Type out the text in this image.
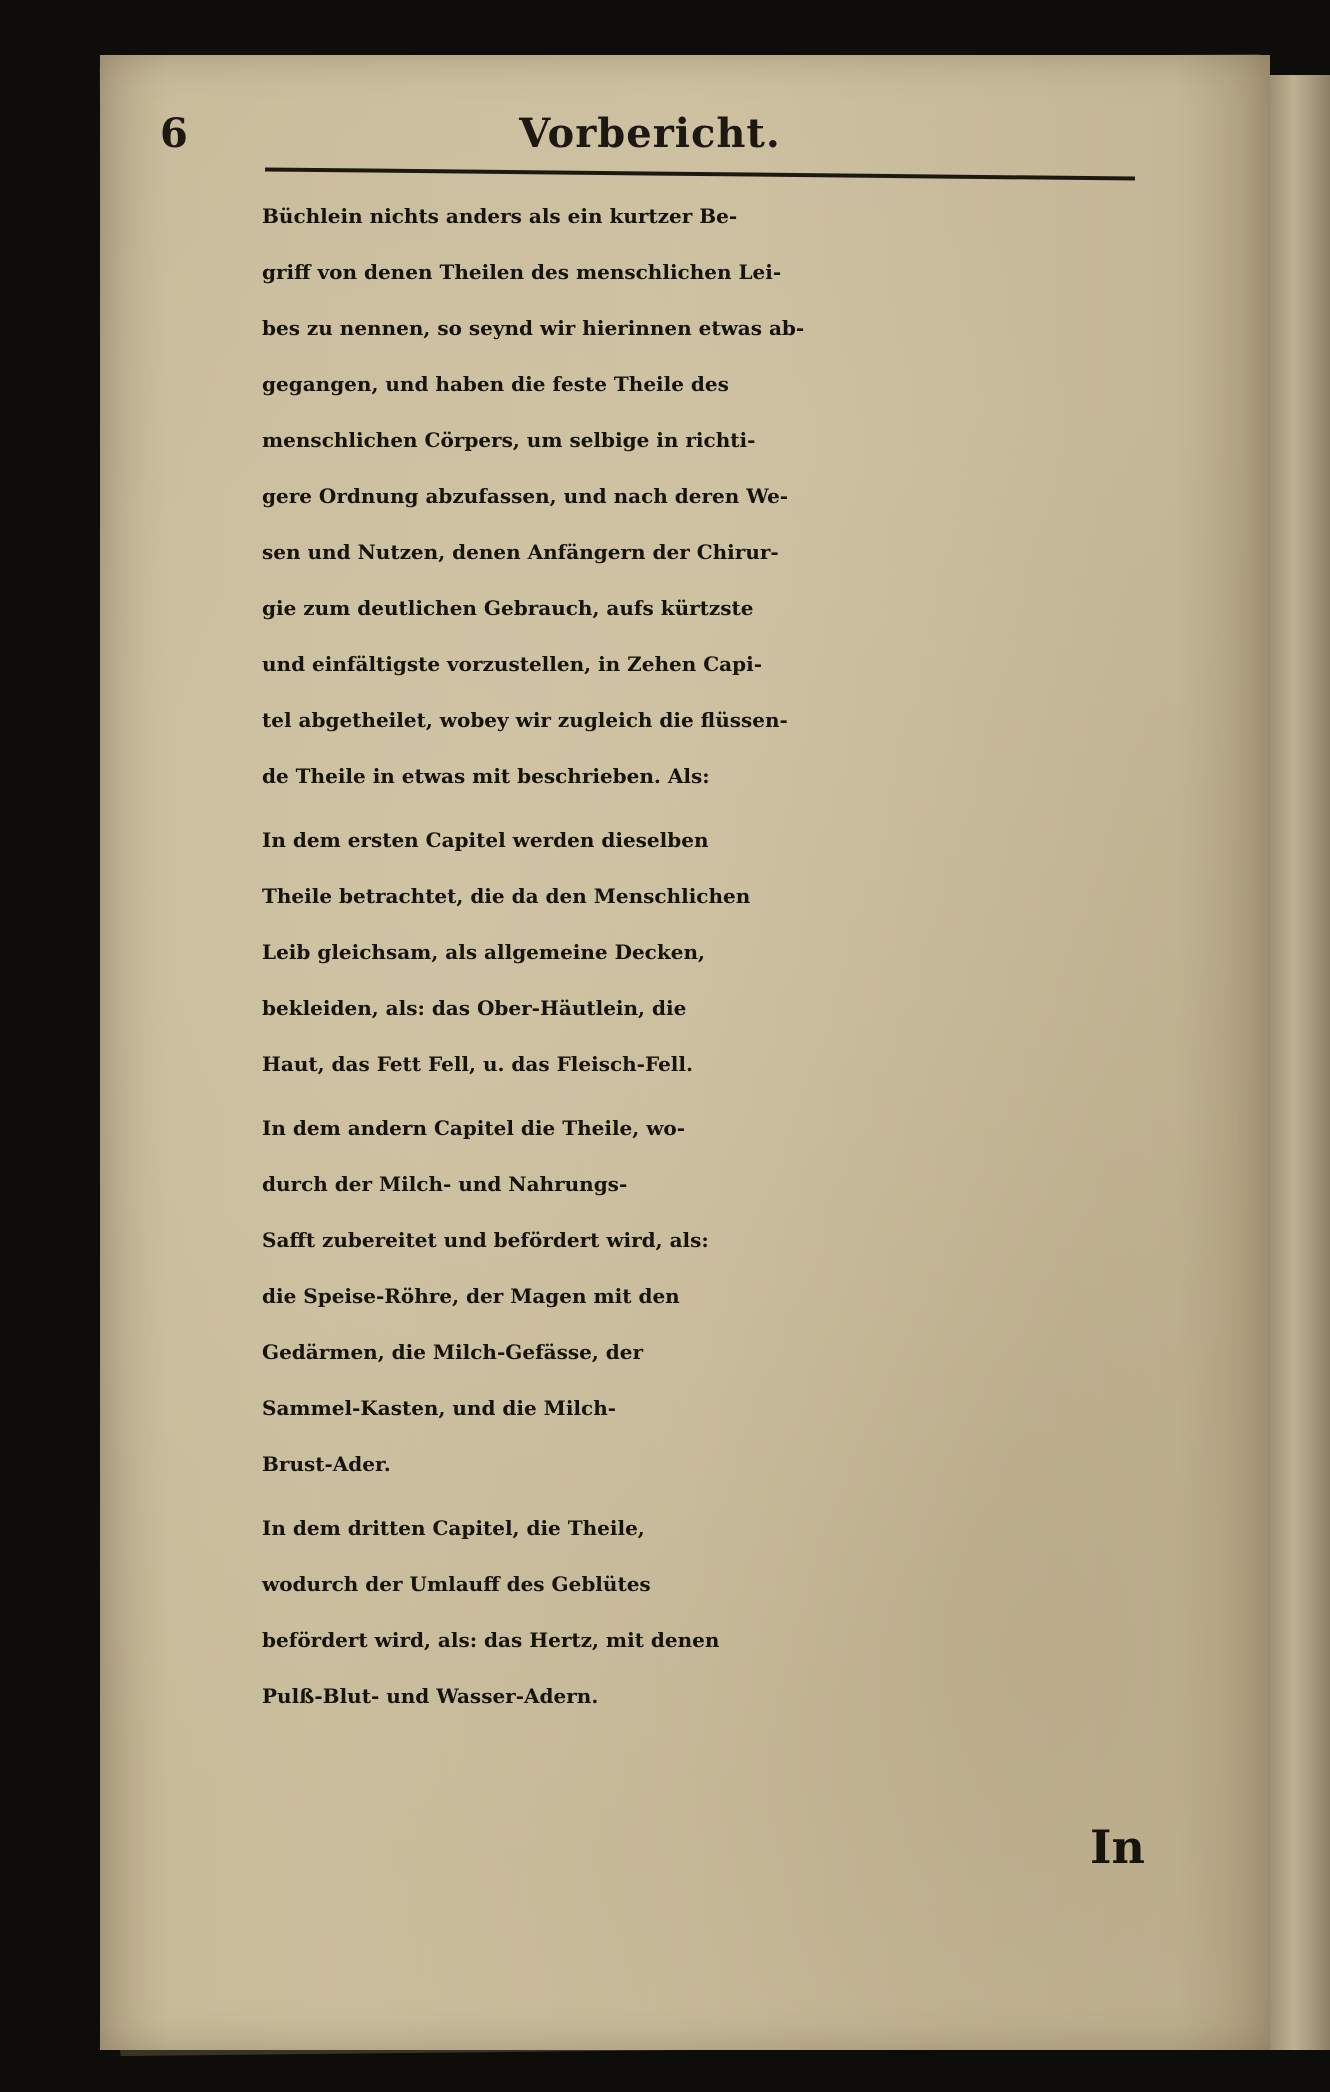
6	Vorbericht.
Büchlein nichts anders als ein kurtzer Be-
griff von denen Theilen des menschlichen Lei-
bes zu nennen, so seynd wir hierinnen etwas ab-
gegangen, und haben die feste Theile des
menschlichen Cörpers, um selbige in richti-
gere Ordnung abzufassen, und nach deren We-
sen und Nutzen, denen Anfängern der Chirur-
gie zum deutlichen Gebrauch, aufs kürtzste
und einfältigste vorzustellen, in Zehen Capi-
tel abgetheilet, wobey wir zugleich die flüssen-
de Theile in etwas mit beschrieben. Als:
In dem ersten Capitel werden dieselben
Theile betrachtet, die da den Menschlichen
Leib gleichsam, als allgemeine Decken,
bekleiden, als: das Ober-Häutlein, die
Haut, das Fett Fell, u. das Fleisch-Fell.
In dem andern Capitel die Theile, wo-
durch der Milch- und Nahrungs-
Safft zubereitet und befördert wird, als:
die Speise-Röhre, der Magen mit den
Gedärmen, die Milch-Gefässe, der
Sammel-Kasten, und die Milch-
Brust-Ader.
In dem dritten Capitel, die Theile,
wodurch der Umlauff des Geblütes
befördert wird, als: das Hertz, mit denen
Pulß-Blut- und Wasser-Adern.
In
